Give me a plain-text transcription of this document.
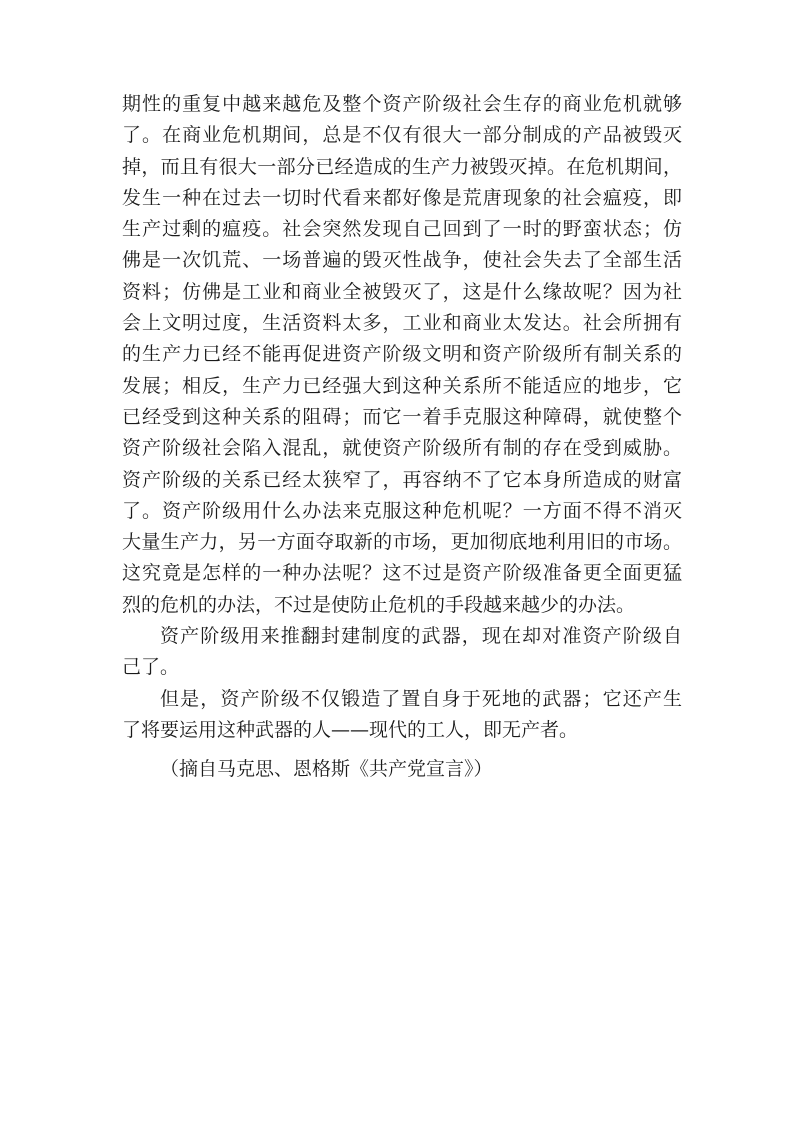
期性的重复中越来越危及整个资产阶级社会生存的商业危机就够
了。在商业危机期间，总是不仅有很大一部分制成的产品被毁灭
掉，而且有很大一部分已经造成的生产力被毁灭掉。在危机期间，
发生一种在过去一切时代看来都好像是荒唐现象的社会瘟疫，即
生产过剩的瘟疫。社会突然发现自己回到了一时的野蛮状态；仿
佛是一次饥荒、一场普遍的毁灭性战争，使社会失去了全部生活
资料；仿佛是工业和商业全被毁灭了，这是什么缘故呢？因为社
会上文明过度，生活资料太多，工业和商业太发达。社会所拥有
的生产力已经不能再促进资产阶级文明和资产阶级所有制关系的
发展；相反，生产力已经强大到这种关系所不能适应的地步，它
已经受到这种关系的阻碍；而它一着手克服这种障碍，就使整个
资产阶级社会陷入混乱，就使资产阶级所有制的存在受到威胁。
资产阶级的关系已经太狭窄了，再容纳不了它本身所造成的财富
了。资产阶级用什么办法来克服这种危机呢？一方面不得不消灭
大量生产力，另一方面夺取新的市场，更加彻底地利用旧的市场。
这究竟是怎样的一种办法呢？这不过是资产阶级准备更全面更猛
烈的危机的办法，不过是使防止危机的手段越来越少的办法。
资产阶级用来推翻封建制度的武器，现在却对准资产阶级自
己了。
但是，资产阶级不仅锻造了置自身于死地的武器；它还产生
了将要运用这种武器的人——现代的工人，即无产者。
（摘自马克思、恩格斯《共产党宣言》）
